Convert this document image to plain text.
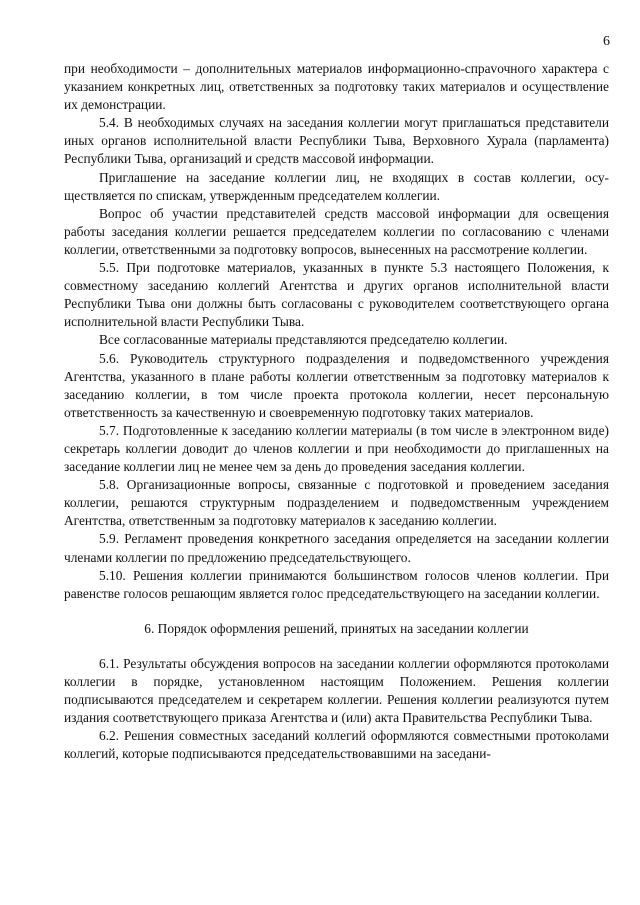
6

при необходимости – дополнительных материалов информационно-спраvочного характера с указанием конкретных лиц, ответственных за подготовку таких материалов и осуществление их демонстрации.

5.4. В необходимых случаях на заседания коллегии могут приглашаться представители иных органов исполнительной власти Республики Тыва, Верховного Хурала (парламента) Республики Тыва, организаций и средств массовой информации.

Приглашение на заседание коллегии лиц, не входящих в состав коллегии, осуществляется по спискам, утвержденным председателем коллегии.

Вопрос об участии представителей средств массовой информации для освещения работы заседания коллегии решается председателем коллегии по согласованию с членами коллегии, ответственными за подготовку вопросов, вынесенных на рассмотрение коллегии.

5.5. При подготовке материалов, указанных в пункте 5.3 настоящего Положения, к совместному заседанию коллегий Агентства и других органов исполнительной власти Республики Тыва они должны быть согласованы с руководителем соответствующего органа исполнительной власти Республики Тыва.

Все согласованные материалы представляются председателю коллегии.

5.6. Руководитель структурного подразделения и подведомственного учреждения Агентства, указанного в плане работы коллегии ответственным за подготовку материалов к заседанию коллегии, в том числе проекта протокола коллегии, несет персональную ответственность за качественную и своевременную подготовку таких материалов.

5.7. Подготовленные к заседанию коллегии материалы (в том числе в электронном виде) секретарь коллегии доводит до членов коллегии и при необходимости до приглашенных на заседание коллегии лиц не менее чем за день до проведения заседания коллегии.

5.8. Организационные вопросы, связанные с подготовкой и проведением заседания коллегии, решаются структурным подразделением и подведомственным учреждением Агентства, ответственным за подготовку материалов к заседанию коллегии.

5.9. Регламент проведения конкретного заседания определяется на заседании коллегии членами коллегии по предложению председательствующего.

5.10. Решения коллегии принимаются большинством голосов членов коллегии. При равенстве голосов решающим является голос председательствующего на заседании коллегии.

6. Порядок оформления решений, принятых на заседании коллегии

6.1. Результаты обсуждения вопросов на заседании коллегии оформляются протоколами коллегии в порядке, установленном настоящим Положением. Решения коллегии подписываются председателем и секретарем коллегии. Решения коллегии реализуются путем издания соответствующего приказа Агентства и (или) акта Правительства Республики Тыва.

6.2. Решения совместных заседаний коллегий оформляются совместными протоколами коллегий, которые подписываются председательствовавшими на заседани-
